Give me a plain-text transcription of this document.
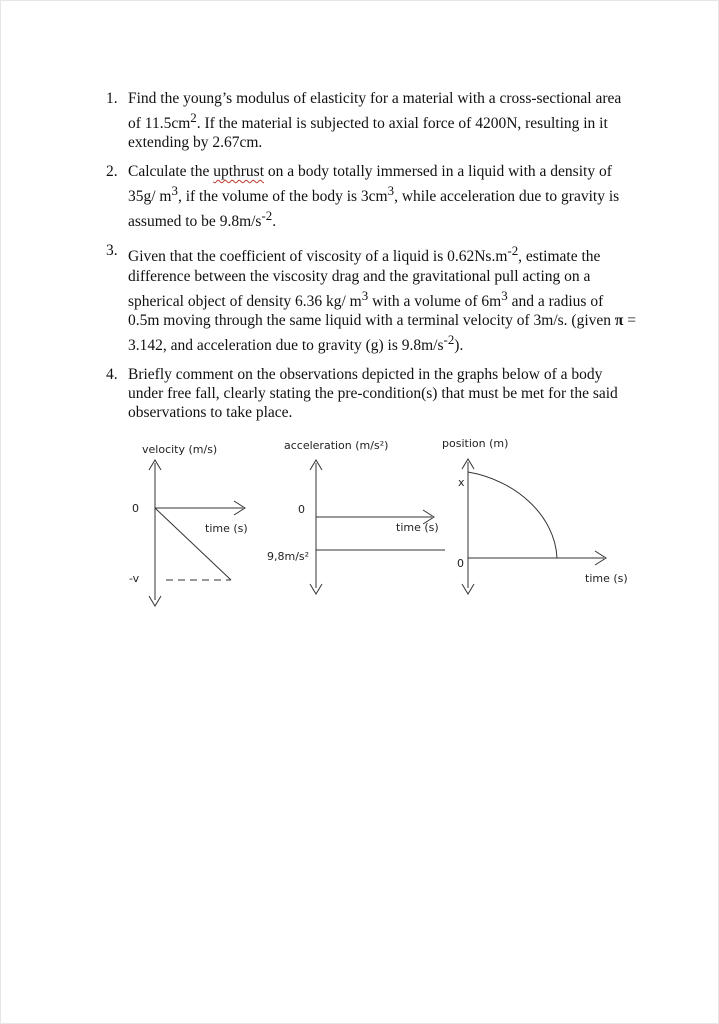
1. Find the young’s modulus of elasticity for a material with a cross-sectional area of $11.5cm^2$. If the material is subjected to axial force of 4200N, resulting in it extending by 2.67cm.
2. Calculate the upthrust on a body totally immersed in a liquid with a density of 35g/ $m^3$, if the volume of the body is $3cm^3$, while acceleration due to gravity is assumed to be $9.8m/s^{-2}$.
3. Given that the coefficient of viscosity of a liquid is $0.62Ns.m^{-2}$, estimate the difference between the viscosity drag and the gravitational pull acting on a spherical object of density 6.36 kg/ $m^3$ with a volume of $6m^3$ and a radius of 0.5m moving through the same liquid with a terminal velocity of 3m/s. (given π = 3.142, and acceleration due to gravity (g) is $9.8m/s^{-2}$).
4. Briefly comment on the observations depicted in the graphs below of a body under free fall, clearly stating the pre-condition(s) that must be met for the said observations to take place.
velocity (m/s)
0
time (s)
-v
acceleration (m/s²)
0
time (s)
9,8m/s²
position (m)
x
0
time (s)
